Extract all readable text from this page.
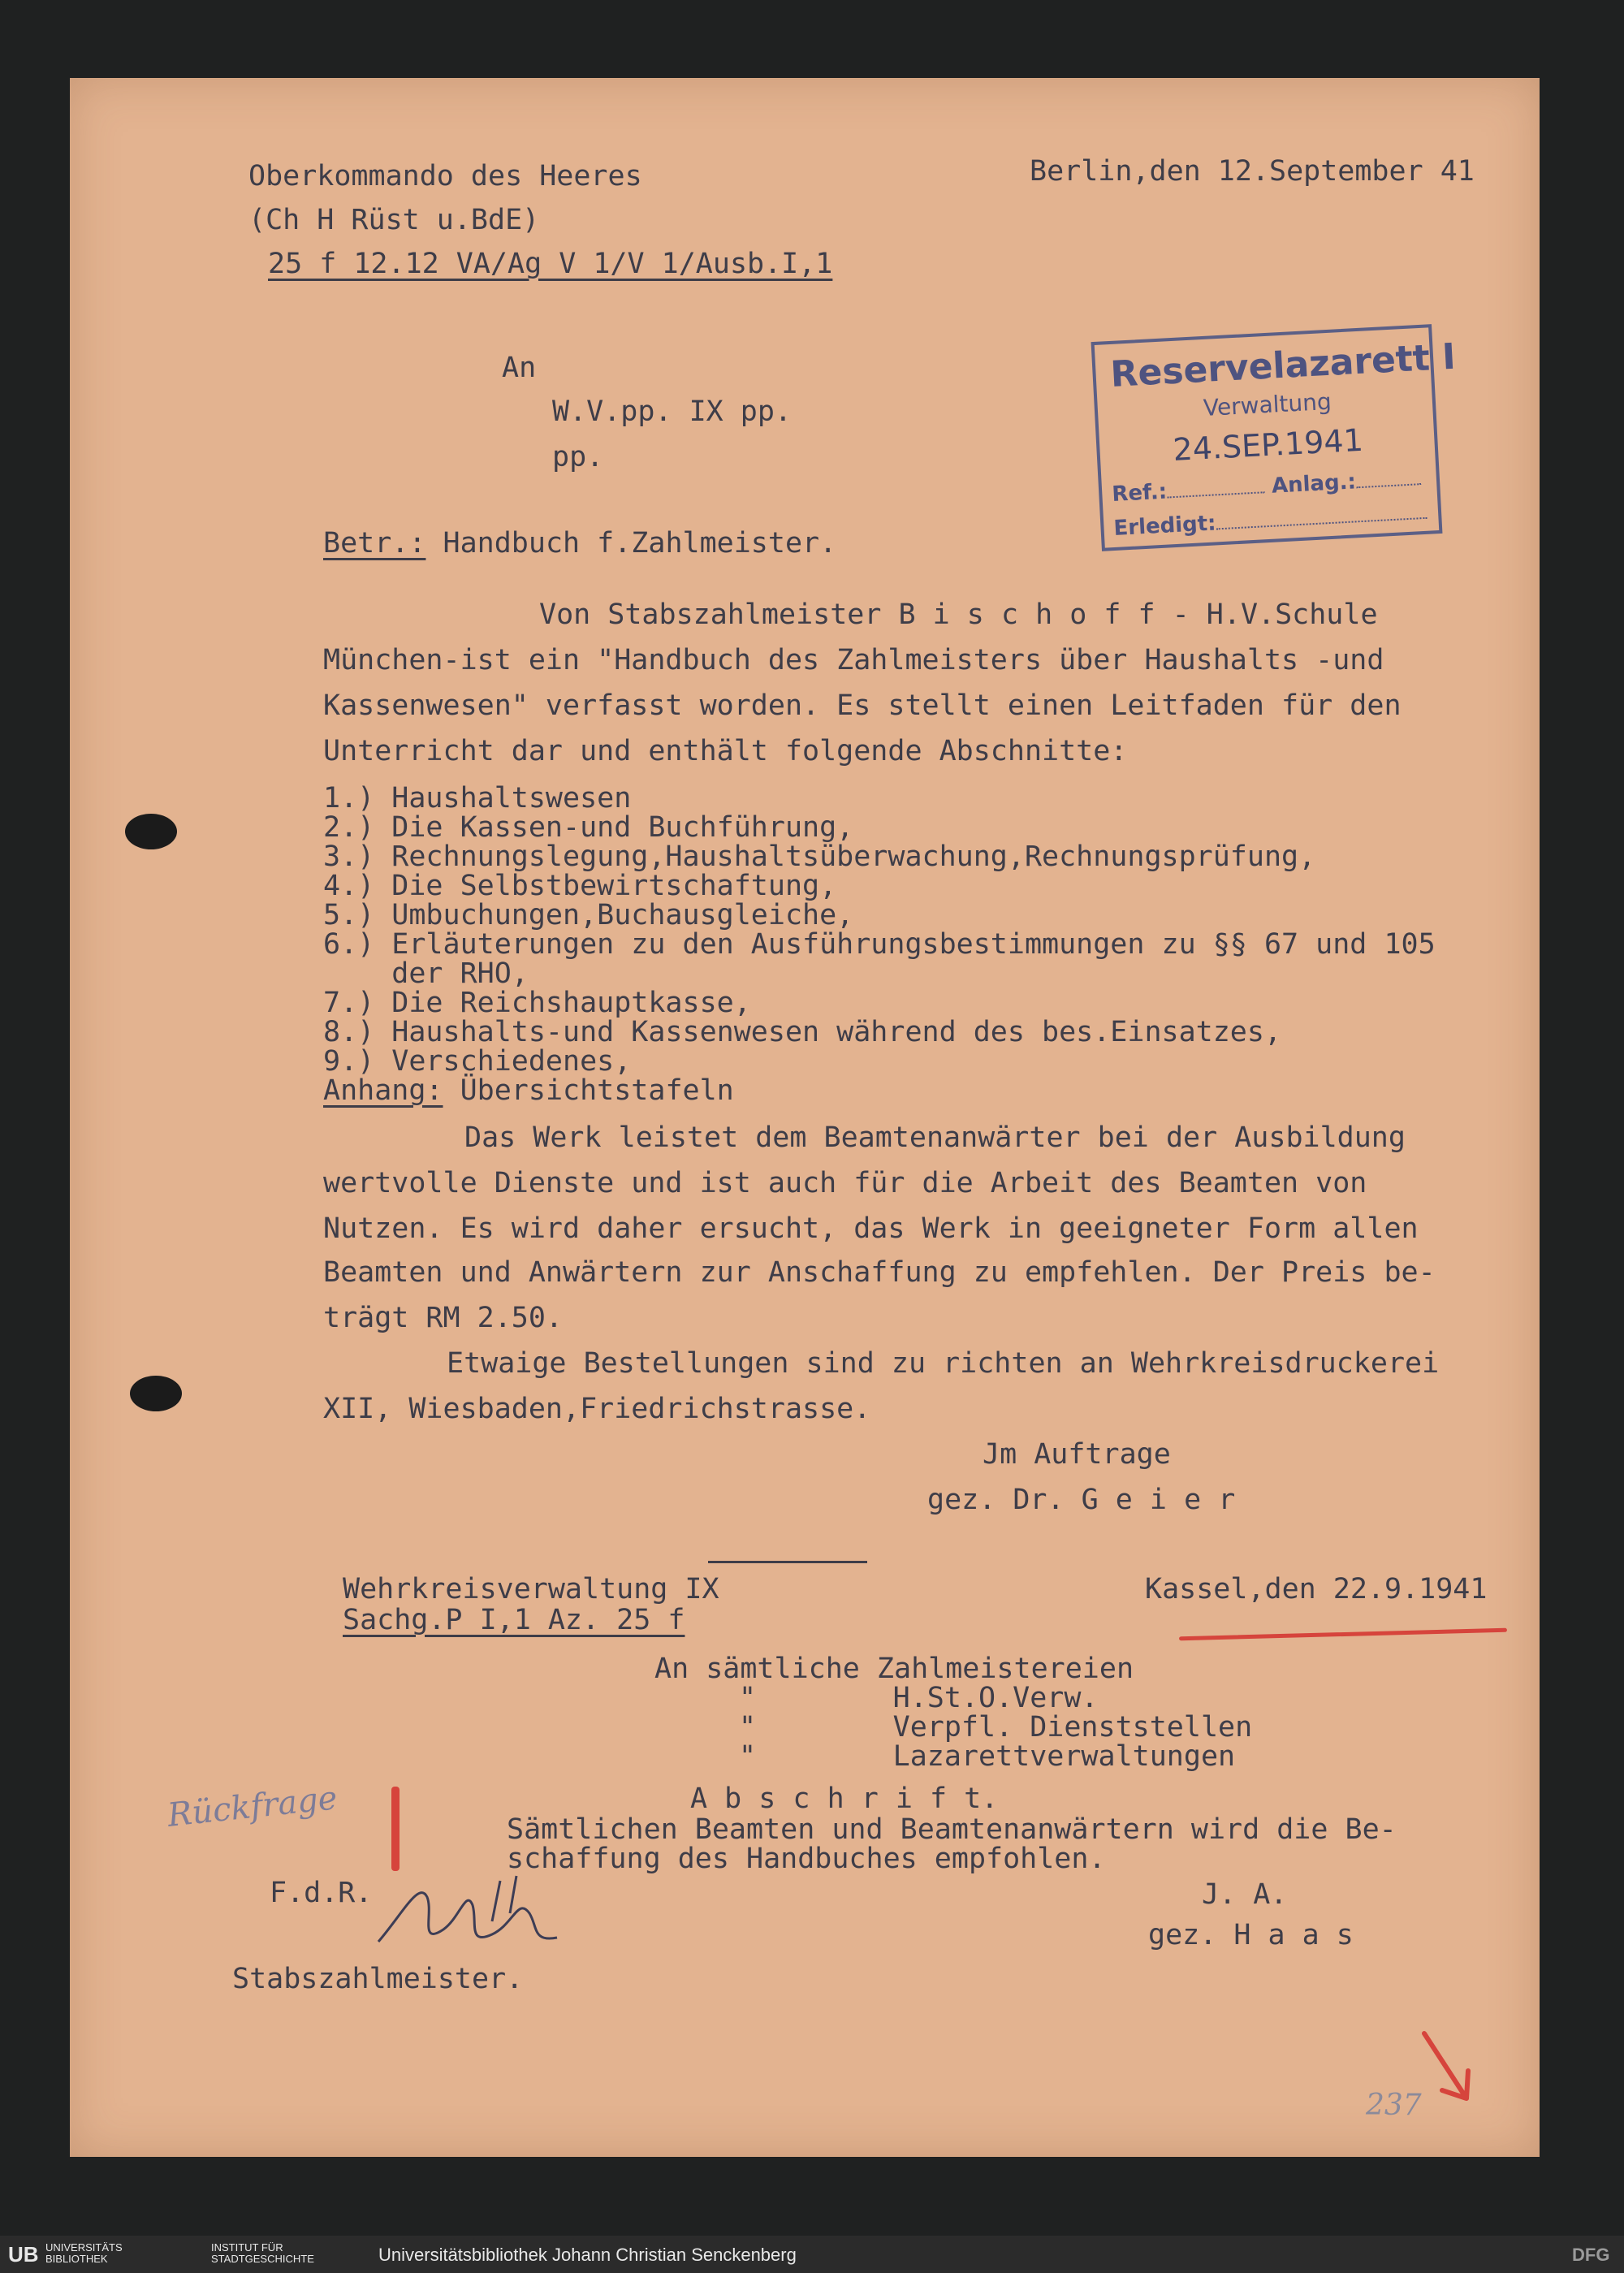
Oberkommando des Heeres
(Ch H Rüst u.BdE)
25 f 12.12 VA/Ag V 1/V 1/Ausb.I,1
Berlin,den 12.September 41
An
W.V.pp. IX pp.
pp.
Reservelazarett I
Verwaltung
24.SEP.1941
Ref.:	Anlag.:
Erledigt:
Betr.: Handbuch f.Zahlmeister.
Von Stabszahlmeister B i s c h o f f - H.V.Schule
München-ist ein "Handbuch des Zahlmeisters über Haushalts -und
Kassenwesen" verfasst worden. Es stellt einen Leitfaden für den
Unterricht dar und enthält folgende Abschnitte:
1.) Haushaltswesen
2.) Die Kassen-und Buchführung,
3.) Rechnungslegung,Haushaltsüberwachung,Rechnungsprüfung,
4.) Die Selbstbewirtschaftung,
5.) Umbuchungen,Buchausgleiche,
6.) Erläuterungen zu den Ausführungsbestimmungen zu §§ 67 und 105
der RHO,
7.) Die Reichshauptkasse,
8.) Haushalts-und Kassenwesen während des bes.Einsatzes,
9.) Verschiedenes,
Anhang: Übersichtstafeln
Das Werk leistet dem Beamtenanwärter bei der Ausbildung
wertvolle Dienste und ist auch für die Arbeit des Beamten von
Nutzen. Es wird daher ersucht, das Werk in geeigneter Form allen
Beamten und Anwärtern zur Anschaffung zu empfehlen. Der Preis be-
trägt RM 2.50.
Etwaige Bestellungen sind zu richten an Wehrkreisdruckerei
XII, Wiesbaden,Friedrichstrasse.
Jm Auftrage
gez. Dr. G e i e r
Wehrkreisverwaltung IX
Sachg.P I,1 Az. 25 f
Kassel,den 22.9.1941
An sämtliche Zahlmeistereien
"        H.St.O.Verw.
"        Verpfl. Dienststellen
"        Lazarettverwaltungen
A b s c h r i f t.
Sämtlichen Beamten und Beamtenanwärtern wird die Be-
schaffung des Handbuches empfohlen.
J. A.
gez. H a a s
F.d.R.
Stabszahlmeister.
Rückfrage
237
UB UNIVERSITÄTS BIBLIOTHEK
INSTITUT FÜR STADTGESCHICHTE	Universitätsbibliothek Johann Christian Senckenberg	DFG
